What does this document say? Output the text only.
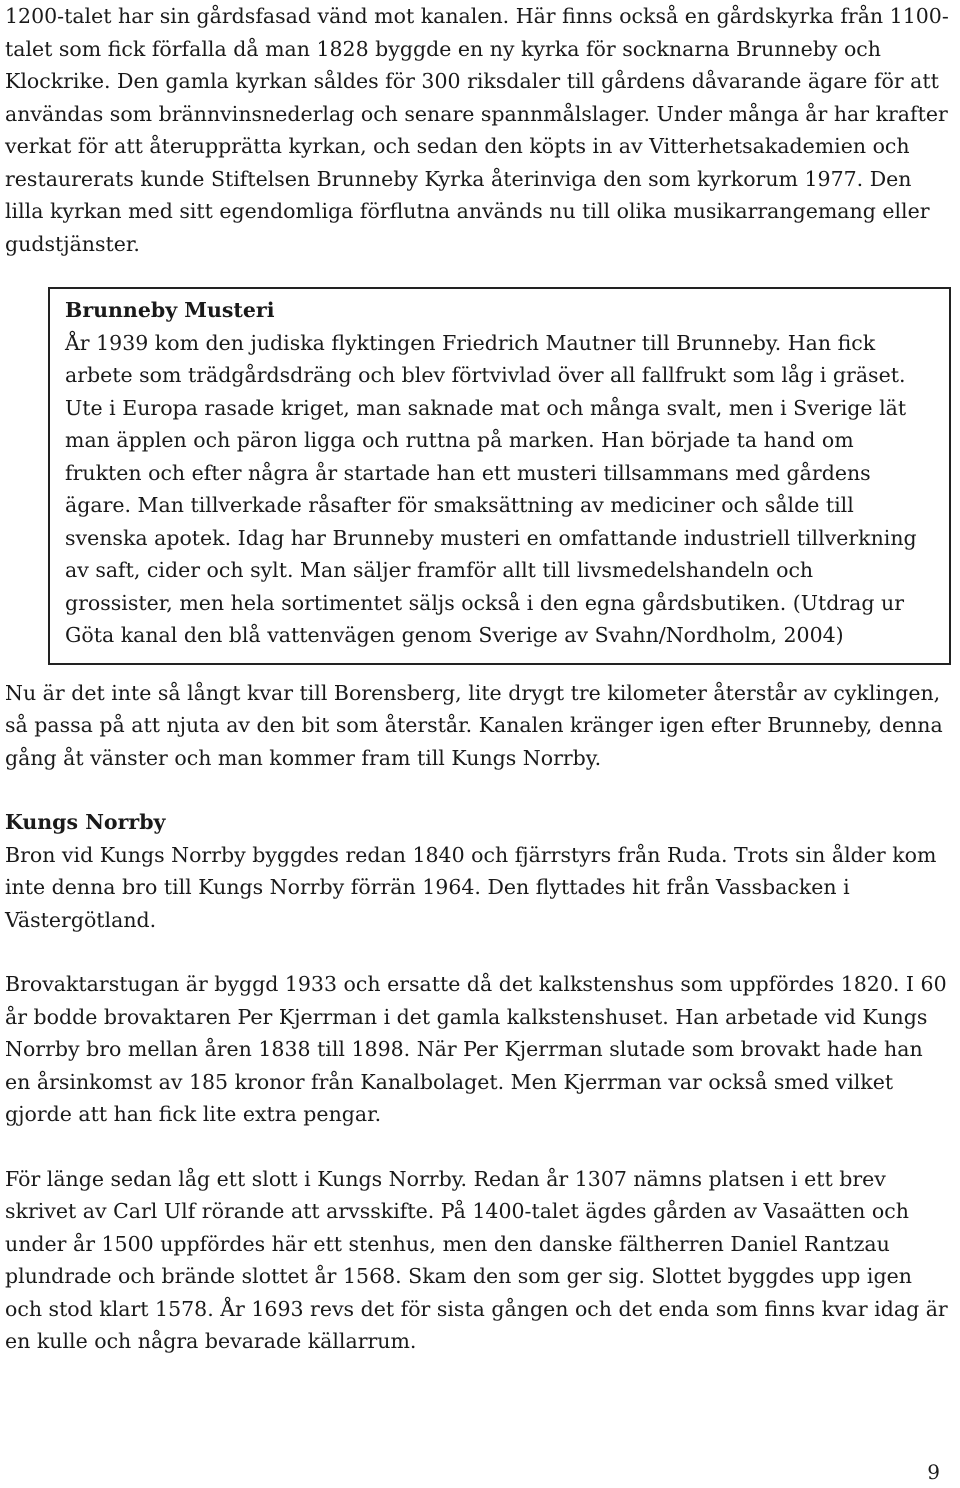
1200-talet har sin gårdsfasad vänd mot kanalen. Här finns också en gårdskyrka från 1100-talet som fick förfalla då man 1828 byggde en ny kyrka för socknarna Brunneby och Klockrike. Den gamla kyrkan såldes för 300 riksdaler till gårdens dåvarande ägare för att användas som brännvinsnederlag och senare spannmålslager. Under många år har krafter verkat för att återupprätta kyrkan, och sedan den köpts in av Vitterhetsakademien och restaurerats kunde Stiftelsen Brunneby Kyrka återinviga den som kyrkorum 1977. Den lilla kyrkan med sitt egendomliga förflutna används nu till olika musikarrangemang eller gudstjänster.

Brunneby Musteri

År 1939 kom den judiska flyktingen Friedrich Mautner till Brunneby. Han fick arbete som trädgårdsdräng och blev förtvivlad över all fallfrukt som låg i gräset. Ute i Europa rasade kriget, man saknade mat och många svalt, men i Sverige lät man äpplen och päron ligga och ruttna på marken. Han började ta hand om frukten och efter några år startade han ett musteri tillsammans med gårdens ägare. Man tillverkade råsafter för smaksättning av mediciner och sålde till svenska apotek. Idag har Brunneby musteri en omfattande industriell tillverkning av saft, cider och sylt. Man säljer framför allt till livsmedelshandeln och grossister, men hela sortimentet säljs också i den egna gårdsbutiken. (Utdrag ur Göta kanal den blå vattenvägen genom Sverige av Svahn/Nordholm, 2004)

Nu är det inte så långt kvar till Borensberg, lite drygt tre kilometer återstår av cyklingen, så passa på att njuta av den bit som återstår. Kanalen kränger igen efter Brunneby, denna gång åt vänster och man kommer fram till Kungs Norrby.

Kungs Norrby

Bron vid Kungs Norrby byggdes redan 1840 och fjärrstyrs från Ruda. Trots sin ålder kom inte denna bro till Kungs Norrby förrän 1964. Den flyttades hit från Vassbacken i Västergötland.

Brovaktarstugan är byggd 1933 och ersatte då det kalkstenshus som uppfördes 1820. I 60 år bodde brovaktaren Per Kjerrman i det gamla kalkstenshuset. Han arbetade vid Kungs Norrby bro mellan åren 1838 till 1898. När Per Kjerrman slutade som brovakt hade han en årsinkomst av 185 kronor från Kanalbolaget. Men Kjerrman var också smed vilket gjorde att han fick lite extra pengar.

För länge sedan låg ett slott i Kungs Norrby. Redan år 1307 nämns platsen i ett brev skrivet av Carl Ulf rörande att arvsskifte. På 1400-talet ägdes gården av Vasaätten och under år 1500 uppfördes här ett stenhus, men den danske fältherren Daniel Rantzau plundrade och brände slottet år 1568. Skam den som ger sig. Slottet byggdes upp igen och stod klart 1578. År 1693 revs det för sista gången och det enda som finns kvar idag är en kulle och några bevarade källarrum.

9
